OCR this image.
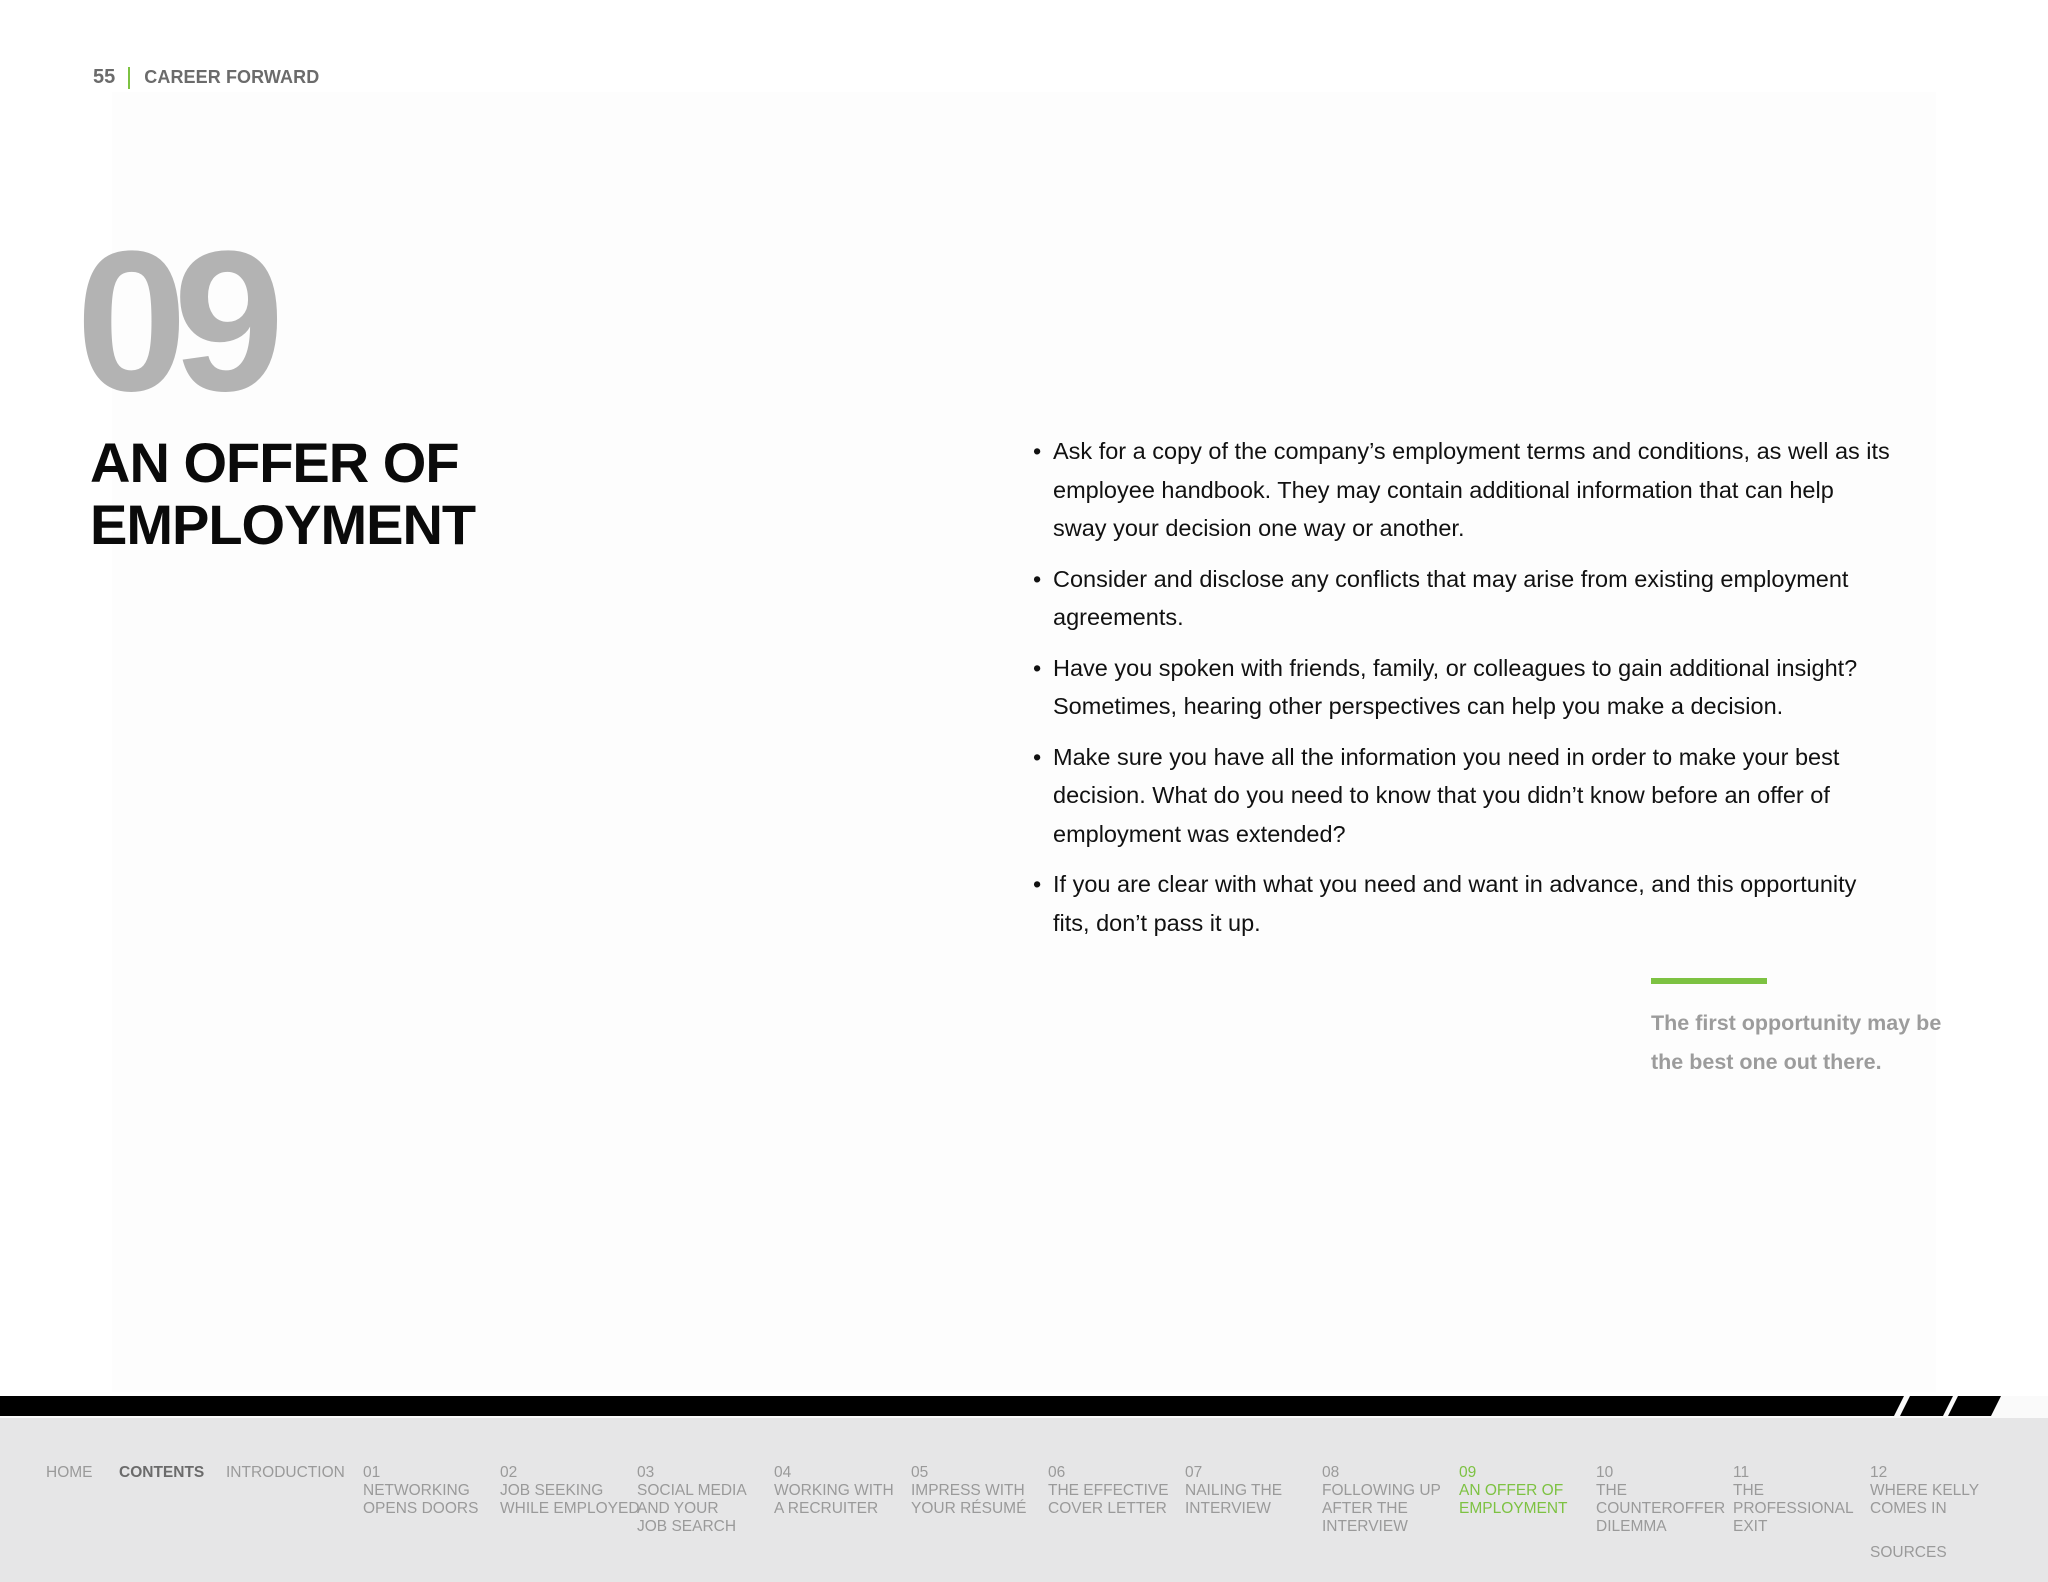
55 CAREER FORWARD
09
AN OFFER OF
EMPLOYMENT
• Ask for a copy of the company’s employment terms and conditions, as well as its employee handbook. They may contain additional information that can help sway your decision one way or another.
• Consider and disclose any conflicts that may arise from existing employment agreements.
• Have you spoken with friends, family, or colleagues to gain additional insight? Sometimes, hearing other perspectives can help you make a decision.
• Make sure you have all the information you need in order to make your best decision. What do you need to know that you didn’t know before an offer of employment was extended?
• If you are clear with what you need and want in advance, and this opportunity fits, don’t pass it up.
The first opportunity may be the best one out there.
HOME CONTENTS INTRODUCTION 01
NETWORKING
OPENS DOORS
02
JOB SEEKING
WHILE EMPLOYED
03
SOCIAL MEDIA
AND YOUR
JOB SEARCH
04
WORKING WITH
A RECRUITER
05
IMPRESS WITH
YOUR RÉSUMÉ
06
THE EFFECTIVE
COVER LETTER
07
NAILING THE
INTERVIEW
08
FOLLOWING UP
AFTER THE
INTERVIEW
09
AN OFFER OF
EMPLOYMENT
10
THE
COUNTEROFFER
DILEMMA
11
THE
PROFESSIONAL
EXIT
12
WHERE KELLY
COMES IN
SOURCES
